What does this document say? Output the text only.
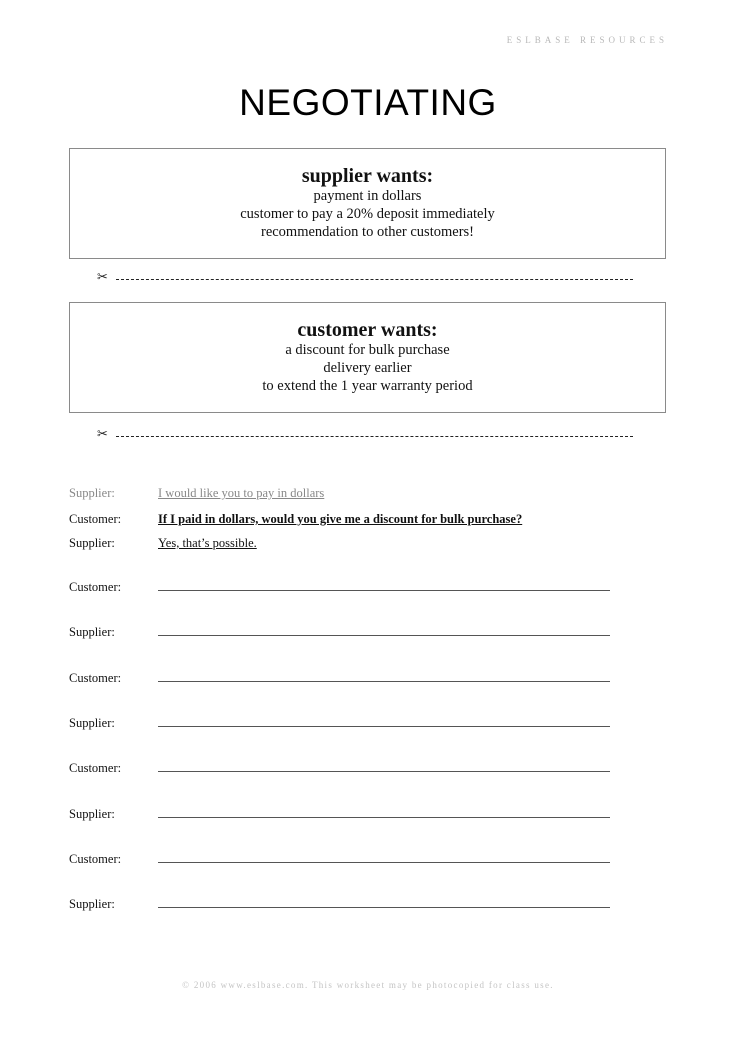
ESLBASE RESOURCES
NEGOTIATING
supplier wants:
payment in dollars
customer to pay a 20% deposit immediately
recommendation to other customers!
✂
customer wants:
a discount for bulk purchase
delivery earlier
to extend the 1 year warranty period
✂
Supplier:	I would like you to pay in dollars
Customer:	If I paid in dollars, would you give me a discount for bulk purchase?
Supplier:	Yes, that’s possible.
Customer:
Supplier:
Customer:
Supplier:
Customer:
Supplier:
Customer:
Supplier:
© 2006 www.eslbase.com. This worksheet may be photocopied for class use.
